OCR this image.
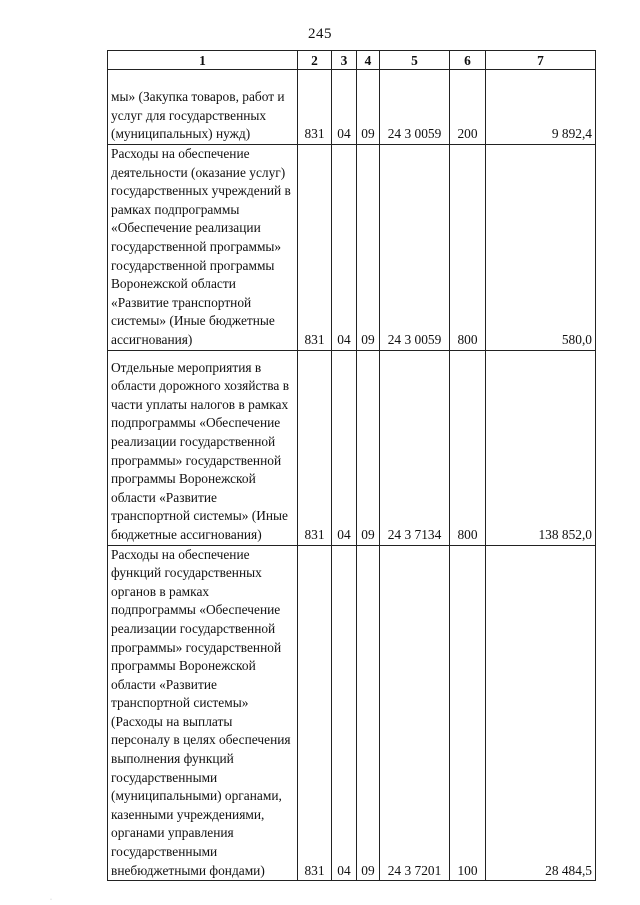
245
1	2	3	4	5	6	7
мы» (Закупка товаров, работ и услуг для государственных (муниципальных) нужд)	831	04	09	24 3 0059	200	9 892,4
Расходы на обеспечение деятельности (оказание услуг) государственных учреждений в рамках подпрограммы «Обеспечение реализации государственной программы» государственной программы Воронежской области «Развитие транспортной системы» (Иные бюджетные ассигнования)	831	04	09	24 3 0059	800	580,0
Отдельные мероприятия в области дорожного хозяйства в части уплаты налогов в рамках подпрограммы «Обеспечение реализации государственной программы» государственной программы Воронежской области «Развитие транспортной системы» (Иные бюджетные ассигнования)	831	04	09	24 3 7134	800	138 852,0
Расходы на обеспечение функций государственных органов в рамках подпрограммы «Обеспечение реализации государственной программы» государственной программы Воронежской области «Развитие транспортной системы» (Расходы на выплаты персоналу в целях обеспечения выполнения функций государственными (муниципальными) органами, казенными учреждениями, органами управления государственными внебюджетными фондами)	831	04	09	24 3 7201	100	28 484,5
·
